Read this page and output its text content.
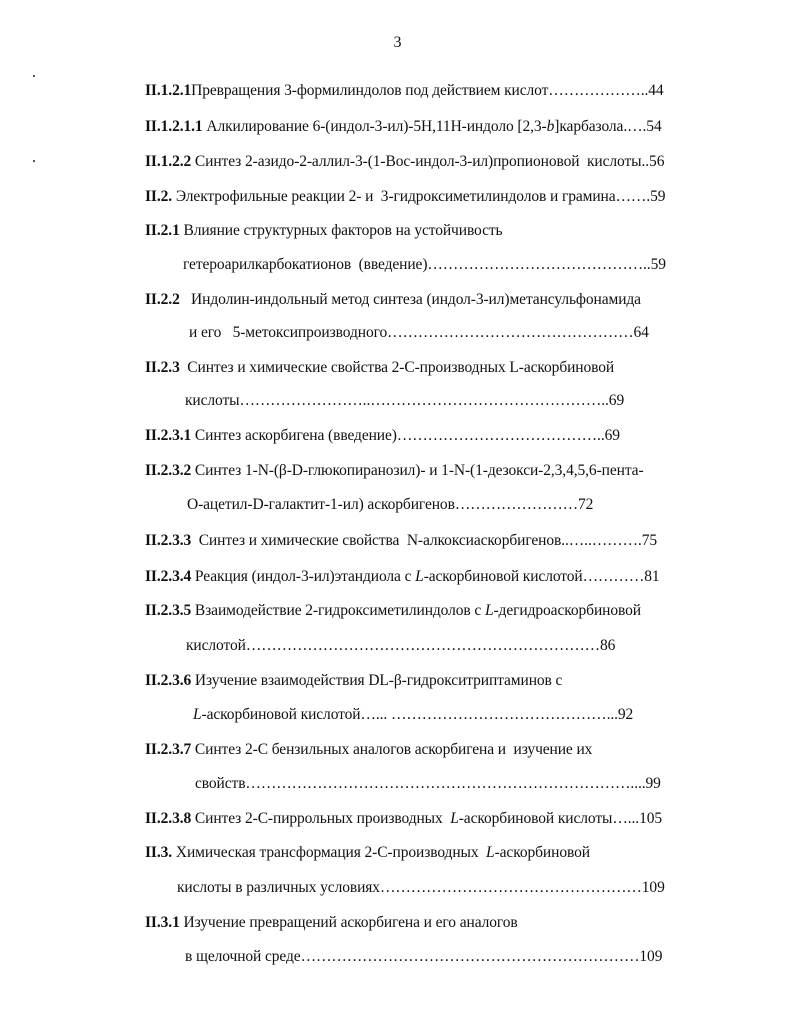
3
II.1.2.1Превращения 3-формилиндолов под действием кислот………………..44
II.1.2.1.1 Алкилирование 6-(индол-3-ил)-5H,11H-индоло [2,3-b]карбазола.….54
II.1.2.2 Синтез 2-азидо-2-аллил-3-(1-Boc-индол-3-ил)пропионовой  кислоты..56
II.2. Электрофильные реакции 2- и  3-гидроксиметилиндолов и грамина…….59
II.2.1 Влияние структурных факторов на устойчивость
гетероарилкарбокатионов  (введение)……………………………………..59
II.2.2   Индолин-индольный метод синтеза (индол-3-ил)метансульфонамида
и его   5-метоксипроизводного…………………………………………64
II.2.3  Синтез и химические свойства 2-C-производных L-аскорбиновой
кислоты……………………..………………………………………..69
II.2.3.1 Синтез аскорбигена (введение)…………………………………..69
II.2.3.2 Синтез 1-N-(β-D-глюкопиранозил)- и 1-N-(1-дезокси-2,3,4,5,6-пента-
O-ацетил-D-галактит-1-ил) аскорбигенов……………………72
II.2.3.3  Синтез и химические свойства  N-алкоксиаскорбигенов..…..……….75
II.2.3.4 Реакция (индол-3-ил)этандиола с L-аскорбиновой кислотой…………81
II.2.3.5 Взаимодействие 2-гидроксиметилиндолов с L-дегидроаскорбиновой
кислотой……………………………………………………………86
II.2.3.6 Изучение взаимодействия DL-β-гидрокситриптаминов с
L-аскорбиновой кислотой…... ……………………………………...92
II.2.3.7 Синтез 2-C бензильных аналогов аскорбигена и  изучение их
свойств…………………………………………………………………....99
II.2.3.8 Синтез 2-C-пиррольных производных  L-аскорбиновой кислоты…...105
II.3. Химическая трансформация 2-C-производных  L-аскорбиновой
кислоты в различных условиях……………………………………………109
II.3.1 Изучение превращений аскорбигена и его аналогов
в щелочной среде…………………………………………………………109
